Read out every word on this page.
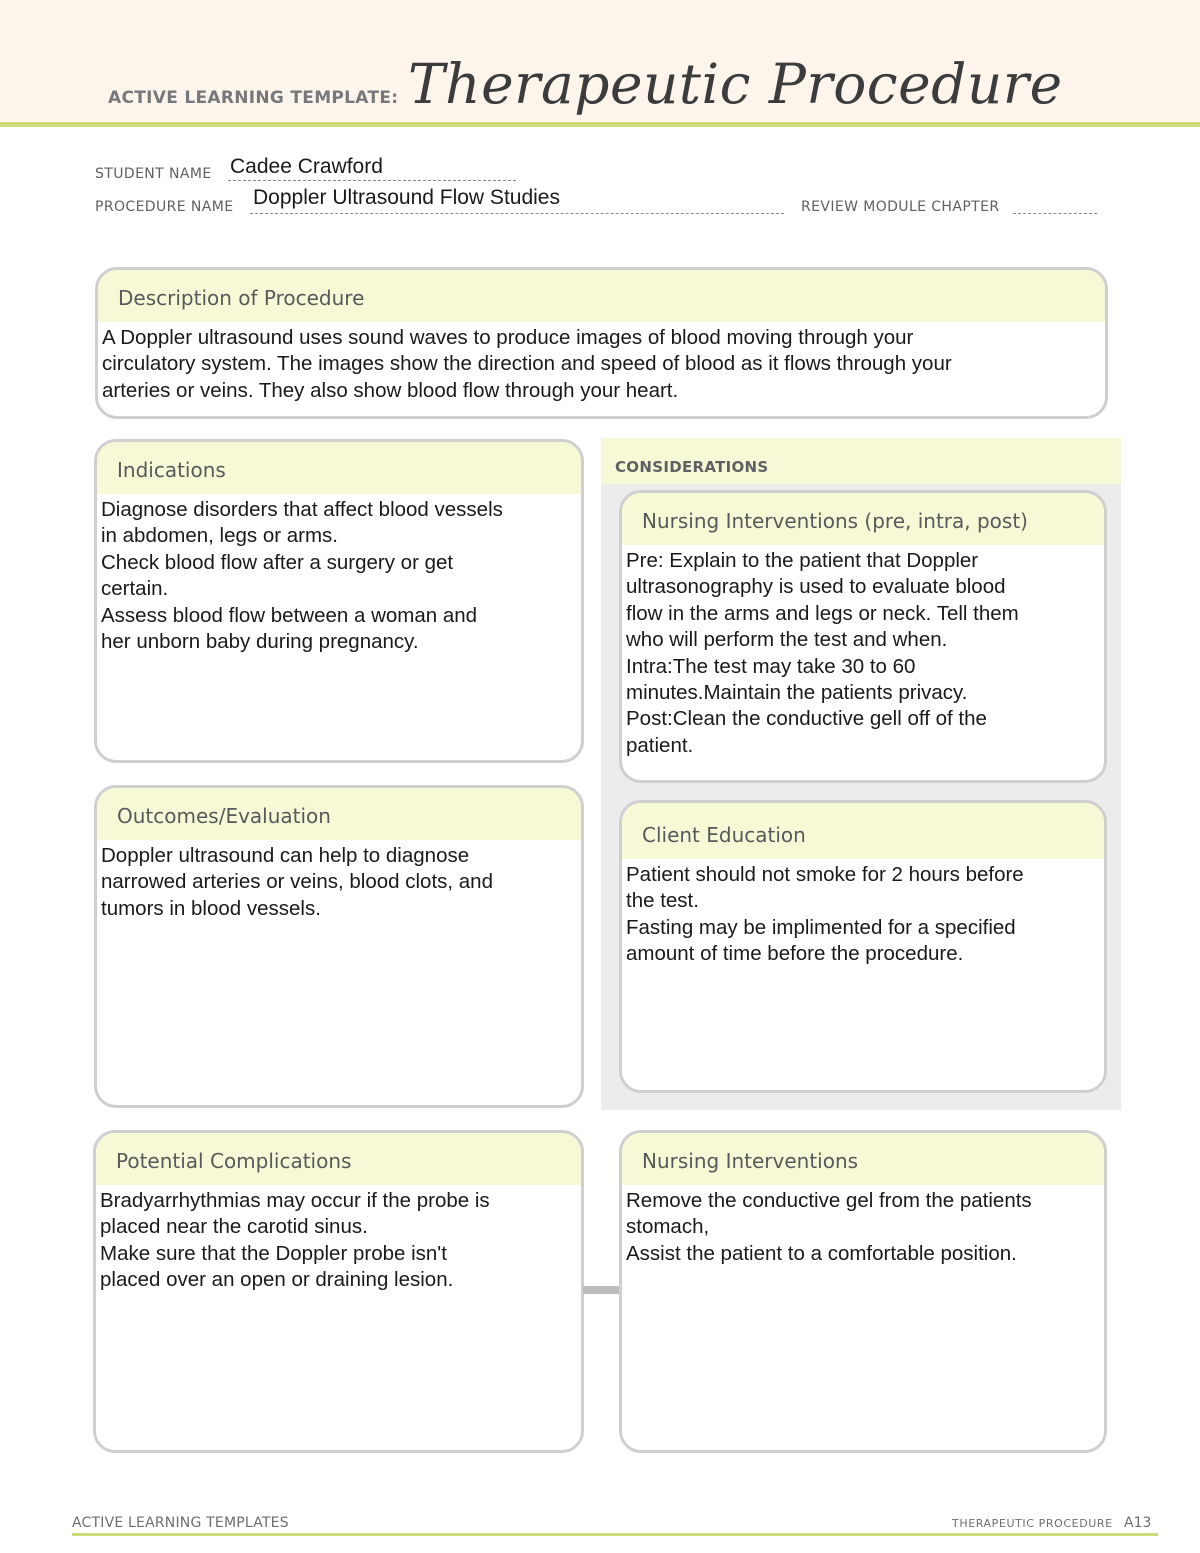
ACTIVE LEARNING TEMPLATE: Therapeutic Procedure
STUDENT NAME Cadee Crawford
PROCEDURE NAME Doppler Ultrasound Flow Studies	REVIEW MODULE CHAPTER
Description of Procedure
A Doppler ultrasound uses sound waves to produce images of blood moving through your
circulatory system. The images show the direction and speed of blood as it flows through your
arteries or veins. They also show blood flow through your heart.
Indications
Diagnose disorders that affect blood vessels
in abdomen, legs or arms.
Check blood flow after a surgery or get
certain.
Assess blood flow between a woman and
her unborn baby during pregnancy.
CONSIDERATIONS
Nursing Interventions (pre, intra, post)
Pre: Explain to the patient that Doppler
ultrasonography is used to evaluate blood
flow in the arms and legs or neck. Tell them
who will perform the test and when.
Intra:The test may take 30 to 60
minutes.Maintain the patients privacy.
Post:Clean the conductive gell off of the
patient.
Client Education
Patient should not smoke for 2 hours before
the test.
Fasting may be implimented for a specified
amount of time before the procedure.
Outcomes/Evaluation
Doppler ultrasound can help to diagnose
narrowed arteries or veins, blood clots, and
tumors in blood vessels.
Potential Complications
Bradyarrhythmias may occur if the probe is
placed near the carotid sinus.
Make sure that the Doppler probe isn't
placed over an open or draining lesion.
Nursing Interventions
Remove the conductive gel from the patients
stomach,
Assist the patient to a comfortable position.
ACTIVE LEARNING TEMPLATES	THERAPEUTIC PROCEDURE A13
